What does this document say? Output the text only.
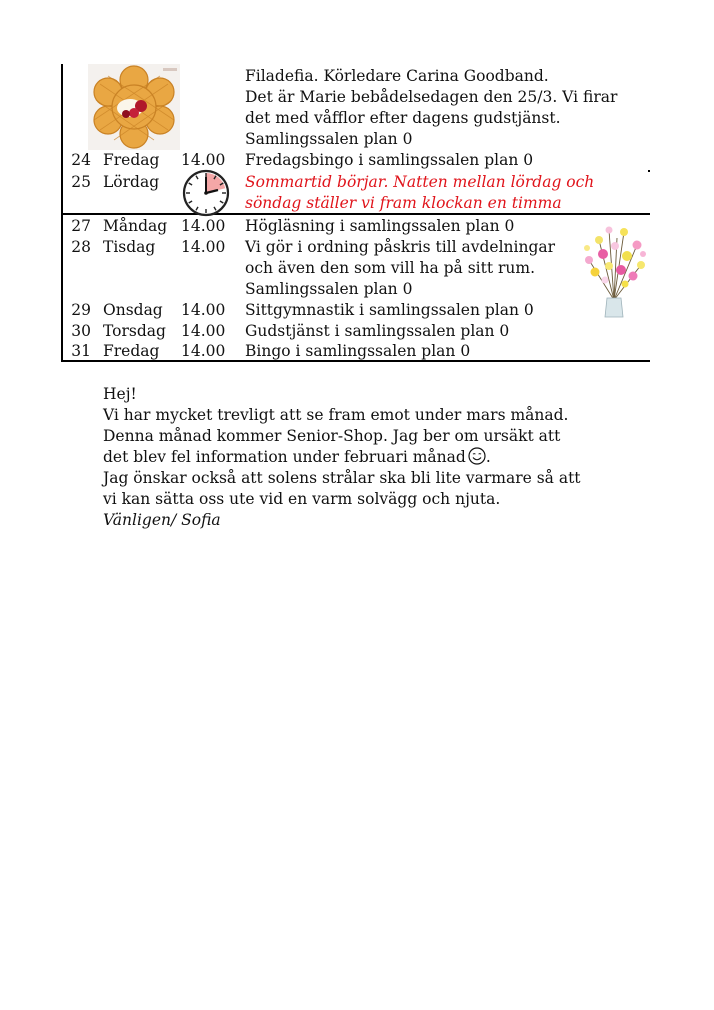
Filadefia. Körledare Carina Goodband.
Det är Marie bebådelsedagen den 25/3. Vi firar
det med våfflor efter dagens gudstjänst.
Samlingssalen plan 0
24 Fredag 14.00 Fredagsbingo i samlingssalen plan 0
25 Lördag	Sommartid börjar. Natten mellan lördag och
söndag ställer vi fram klockan en timma
27 Måndag 14.00 Högläsning i samlingssalen plan 0
28 Tisdag 14.00 Vi gör i ordning påskris till avdelningar
och även den som vill ha på sitt rum.
Samlingssalen plan 0
29 Onsdag 14.00 Sittgymnastik i samlingssalen plan 0
30 Torsdag 14.00 Gudstjänst i samlingssalen plan 0
31 Fredag 14.00 Bingo i samlingssalen plan 0
Hej!
Vi har mycket trevligt att se fram emot under mars månad.
Denna månad kommer Senior-Shop. Jag ber om ursäkt att
det blev fel information under februari månad .
Jag önskar också att solens strålar ska bli lite varmare så att
vi kan sätta oss ute vid en varm solvägg och njuta.
Vänligen/ Sofia
